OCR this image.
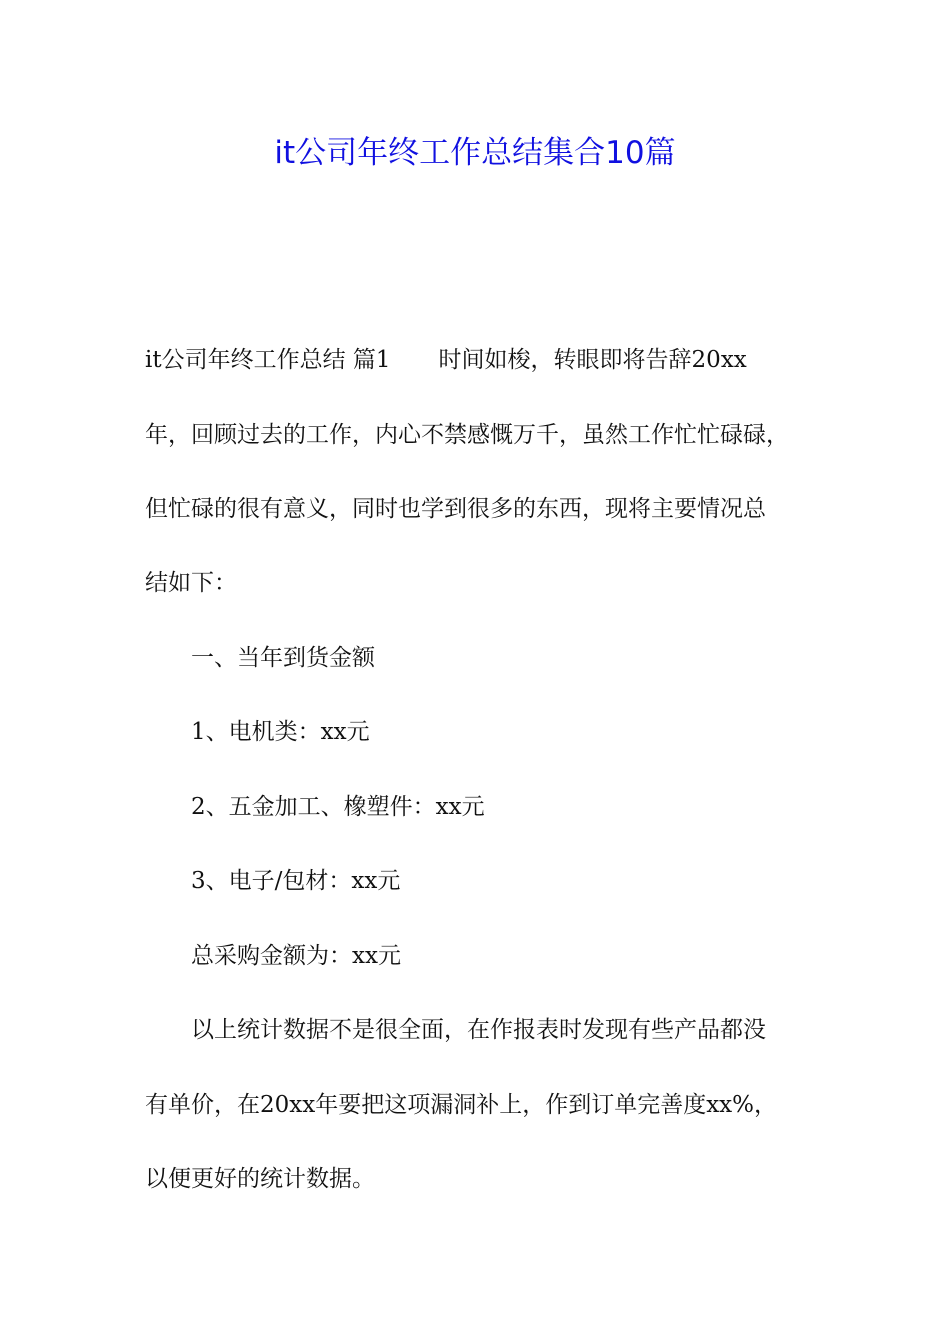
it公司年终工作总结集合10篇

it公司年终工作总结 篇1 时间如梭，转眼即将告辞20xx

年，回顾过去的工作，内心不禁感慨万千，虽然工作忙忙碌碌，

但忙碌的很有意义，同时也学到很多的东西，现将主要情况总

结如下：

一、当年到货金额

1、电机类：xx元

2、五金加工、橡塑件：xx元

3、电子/包材：xx元

总采购金额为：xx元

以上统计数据不是很全面，在作报表时发现有些产品都没

有单价，在20xx年要把这项漏洞补上，作到订单完善度xx%，

以便更好的统计数据。
